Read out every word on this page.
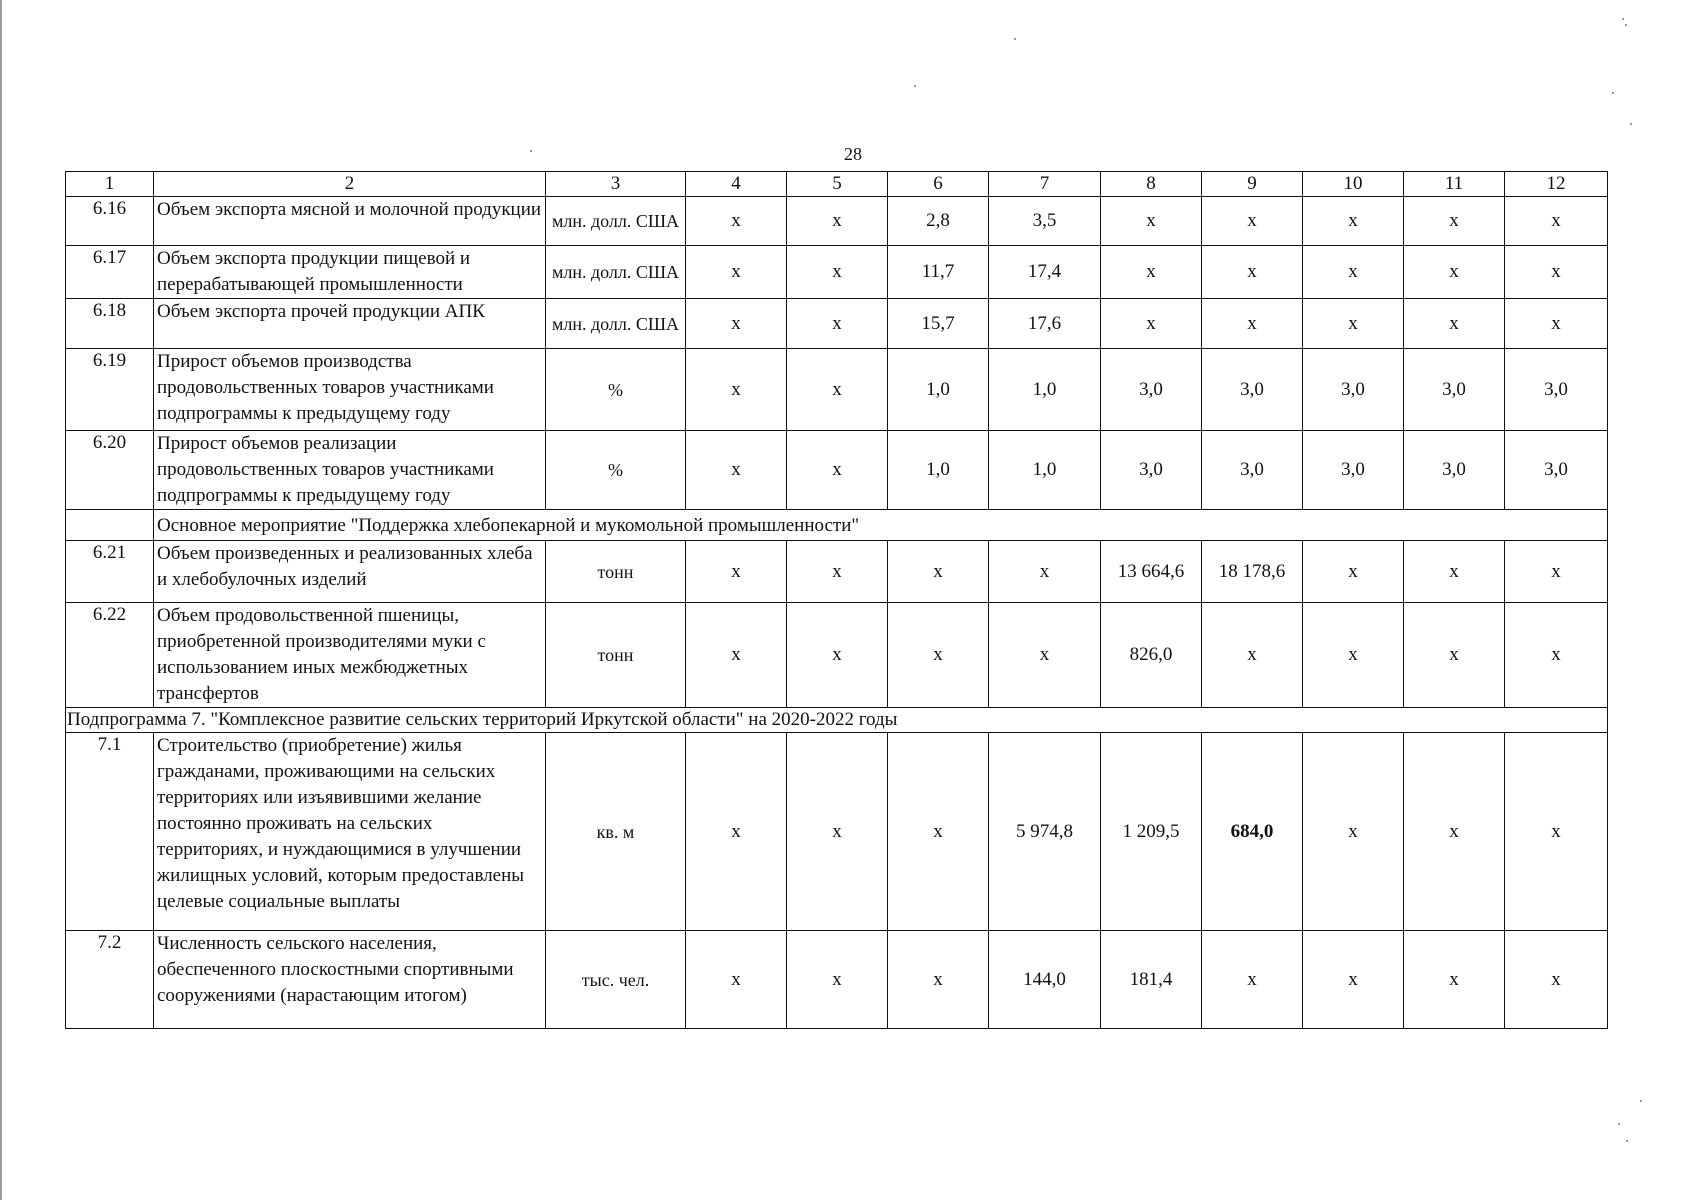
28
1	2	3	4	5	6	7	8	9	10	11	12
6.16	Объем экспорта мясной и молочной продукции	млн. долл. США	х	х	2,8	3,5	х	х	х	х	х
6.17	Объем экспорта продукции пищевой и перерабатывающей промышленности	млн. долл. США	х	х	11,7	17,4	х	х	х	х	х
6.18	Объем экспорта прочей продукции АПК	млн. долл. США	х	х	15,7	17,6	х	х	х	х	х
6.19	Прирост объемов производства продовольственных товаров участниками подпрограммы к предыдущему году	%	х	х	1,0	1,0	3,0	3,0	3,0	3,0	3,0
6.20	Прирост объемов реализации продовольственных товаров участниками подпрограммы к предыдущему году	%	х	х	1,0	1,0	3,0	3,0	3,0	3,0	3,0
	Основное мероприятие "Поддержка хлебопекарной и мукомольной промышленности"										
6.21	Объем произведенных и реализованных хлеба и хлебобулочных изделий	тонн	х	х	х	х	13 664,6	18 178,6	х	х	х
6.22	Объем продовольственной пшеницы, приобретенной производителями муки с использованием иных межбюджетных трансфертов	тонн	х	х	х	х	826,0	х	х	х	х
Подпрограмма 7. "Комплексное развитие сельских территорий Иркутской области" на 2020-2022 годы											
7.1	Строительство (приобретение) жилья гражданами, проживающими на сельских территориях или изъявившими желание постоянно проживать на сельских территориях, и нуждающимися в улучшении жилищных условий, которым предоставлены целевые социальные выплаты	кв. м	х	х	х	5 974,8	1 209,5	684,0	х	х	х
7.2	Численность сельского населения, обеспеченного плоскостными спортивными сооружениями (нарастающим итогом)	тыс. чел.	х	х	х	144,0	181,4	х	х	х	х
